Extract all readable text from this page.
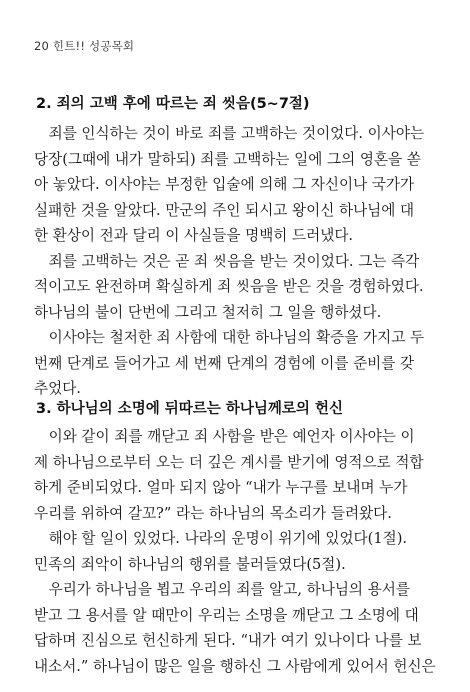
20 힌트!! 성공목회
2. 죄의 고백 후에 따르는 죄 씻음(5~7절)
　죄를 인식하는 것이 바로 죄를 고백하는 것이었다. 이사야는
당장(그때에 내가 말하되) 죄를 고백하는 일에 그의 영혼을 쏟
아 놓았다. 이사야는 부정한 입술에 의해 그 자신이나 국가가
실패한 것을 알았다. 만군의 주인 되시고 왕이신 하나님에 대
한 환상이 전과 달리 이 사실들을 명백히 드러냈다.
　죄를 고백하는 것은 곧 죄 씻음을 받는 것이었다. 그는 즉각
적이고도 완전하며 확실하게 죄 씻음을 받은 것을 경험하였다.
하나님의 불이 단번에 그리고 철저히 그 일을 행하셨다.
　이사야는 철저한 죄 사함에 대한 하나님의 확증을 가지고 두
번째 단계로 들어가고 세 번째 단계의 경험에 이를 준비를 갖
추었다.
3. 하나님의 소명에 뒤따르는 하나님께로의 헌신
　이와 같이 죄를 깨닫고 죄 사함을 받은 예언자 이사야는 이
제 하나님으로부터 오는 더 깊은 계시를 받기에 영적으로 적합
하게 준비되었다. 얼마 되지 않아 “내가 누구를 보내며 누가
우리를 위하여 갈꼬?” 라는 하나님의 목소리가 들려왔다.
　해야 할 일이 있었다. 나라의 운명이 위기에 있었다(1절).
민족의 죄악이 하나님의 행위를 불러들였다(5절).
　우리가 하나님을 뵙고 우리의 죄를 알고, 하나님의 용서를
받고 그 용서를 알 때만이 우리는 소명을 깨닫고 그 소명에 대
답하며 진심으로 헌신하게 된다. “내가 여기 있나이다 나를 보
내소서.” 하나님이 많은 일을 행하신 그 사람에게 있어서 헌신은
